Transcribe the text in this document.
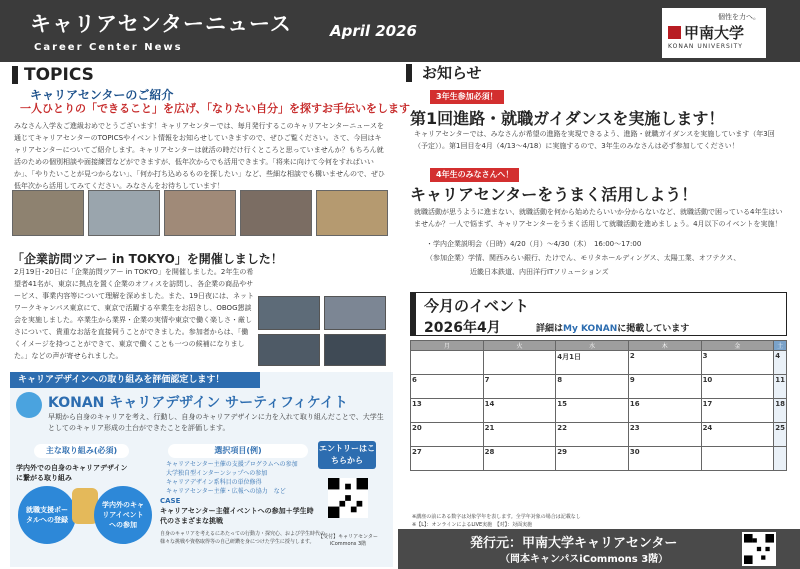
キャリアセンターニュース
Career Center News
April 2026
個性を力へ。
甲南大学
KONAN UNIVERSITY
TOPICS
キャリアセンターのご紹介
一人ひとりの「できること」を広げ、「なりたい自分」を探すお手伝いをします
みなさん入学＆ご進級おめでとうございます！キャリアセンターでは、毎月発行するこのキャリアセンターニュースを通じてキャリアセンターのTOPICSやイベント情報をお知らせしていきますので、ぜひご覧ください。さて、今回はキャリアセンターについてご紹介します。キャリアセンターは就活の時だけ行くところと思っていませんか？もちろん就活のための個別相談や面接練習などができますが、低年次からでも活用できます。「将来に向けて今何をすればいいか」、「やりたいことが見つからない」、「何か打ち込めるものを探したい」など、些細な相談でも構いませんので、ぜひ低年次から活用してみてください。みなさんをお待ちしています！
「企業訪問ツアー in TOKYO」を開催しました！
2月19日･20日に「企業訪問ツアー in TOKYO」を開催しました。2年生の希望者41名が、東京に拠点を置く企業のオフィスを訪問し、各企業の商品やサービス、事業内容等について理解を深めました。また、19日夜には、ネットワークキャンパス東京にて、東京で活躍する卒業生をお招きし、OBOG懇談会を実施しました。卒業生から業界・企業の実情や東京で働く楽しさ・厳しさについて、貴重なお話を直接伺うことができました。参加者からは、「働くイメージを持つことができて、東京で働くことも一つの候補になりました。」などの声が寄せられました。
キャリアデザインへの取り組みを評価認定します！
KONAN キャリアデザイン サーティフィケイト
早期から自身のキャリアを考え、行動し、自身のキャリアデザインに力を入れて取り組んだことで、大学生としてのキャリア形成の土台ができたことを評価します。
主な取り組み(必須)
学内外での自身のキャリアデザインに繋がる取り組み
就職支援ポータルへの登録
学内外のキャリアイベントへの参加
選択項目(例)
キャリアセンター主催の支援プログラムへの参加
大学独自型インターンシップへの参加
キャリアデザイン系科目の単位修得
キャリアセンター主催・広報への協力　など
CASE
キャリアセンター主催イベントへの参加＋学生時代のさまざまな挑戦
自身のキャリアを考えるにあたっての行動力・探究心、および学生時代の様々な挑戦や資格取得等の自己研鑽を身につけた学生に授与します。
エントリーはこちらから
【受付】キャリアセンター iCommons 3階
お知らせ
3年生参加必須！
第1回進路・就職ガイダンスを実施します！
キャリアセンターでは、みなさんが希望の進路を実現できるよう、進路・就職ガイダンスを実施しています（年3回（予定））。第1回目を4月（4/13～4/18）に実施するので、3年生のみなさんは必ず参加してください！
4年生のみなさんへ！
キャリアセンターをうまく活用しよう！
就職活動が思うように進まない、就職活動を何から始めたらいいか分からないなど、就職活動で困っている4年生はいませんか？一人で悩まず、キャリアセンターをうまく活用して就職活動を進めましょう。4月以下のイベントを実施！
・学内企業説明会（日時）4/20（月）～4/30（木）　16:00～17:00
（参加企業）学情、関西みらい銀行、たけでん、モリタホールディングス、太陽工業、オフテクス、
近畿日本鉄道、内田洋行ITソリューションズ
今月のイベント
2026年4月	詳細はMy KONANに掲載しています
月	火	水	木	金	土

		4月1日	2	3	4

6	7	8	9	10	11

13	14	15	16	17	18

20	21	22	23	24	25

27	28	29	30		

※講座の前にある数字は対象学年を表します。全学年対象の場合は記載なし
※【L】：オンラインによるLIVE実施　【对】：対面実施
発行元：甲南大学キャリアセンター
（岡本キャンパスiCommons 3階）
